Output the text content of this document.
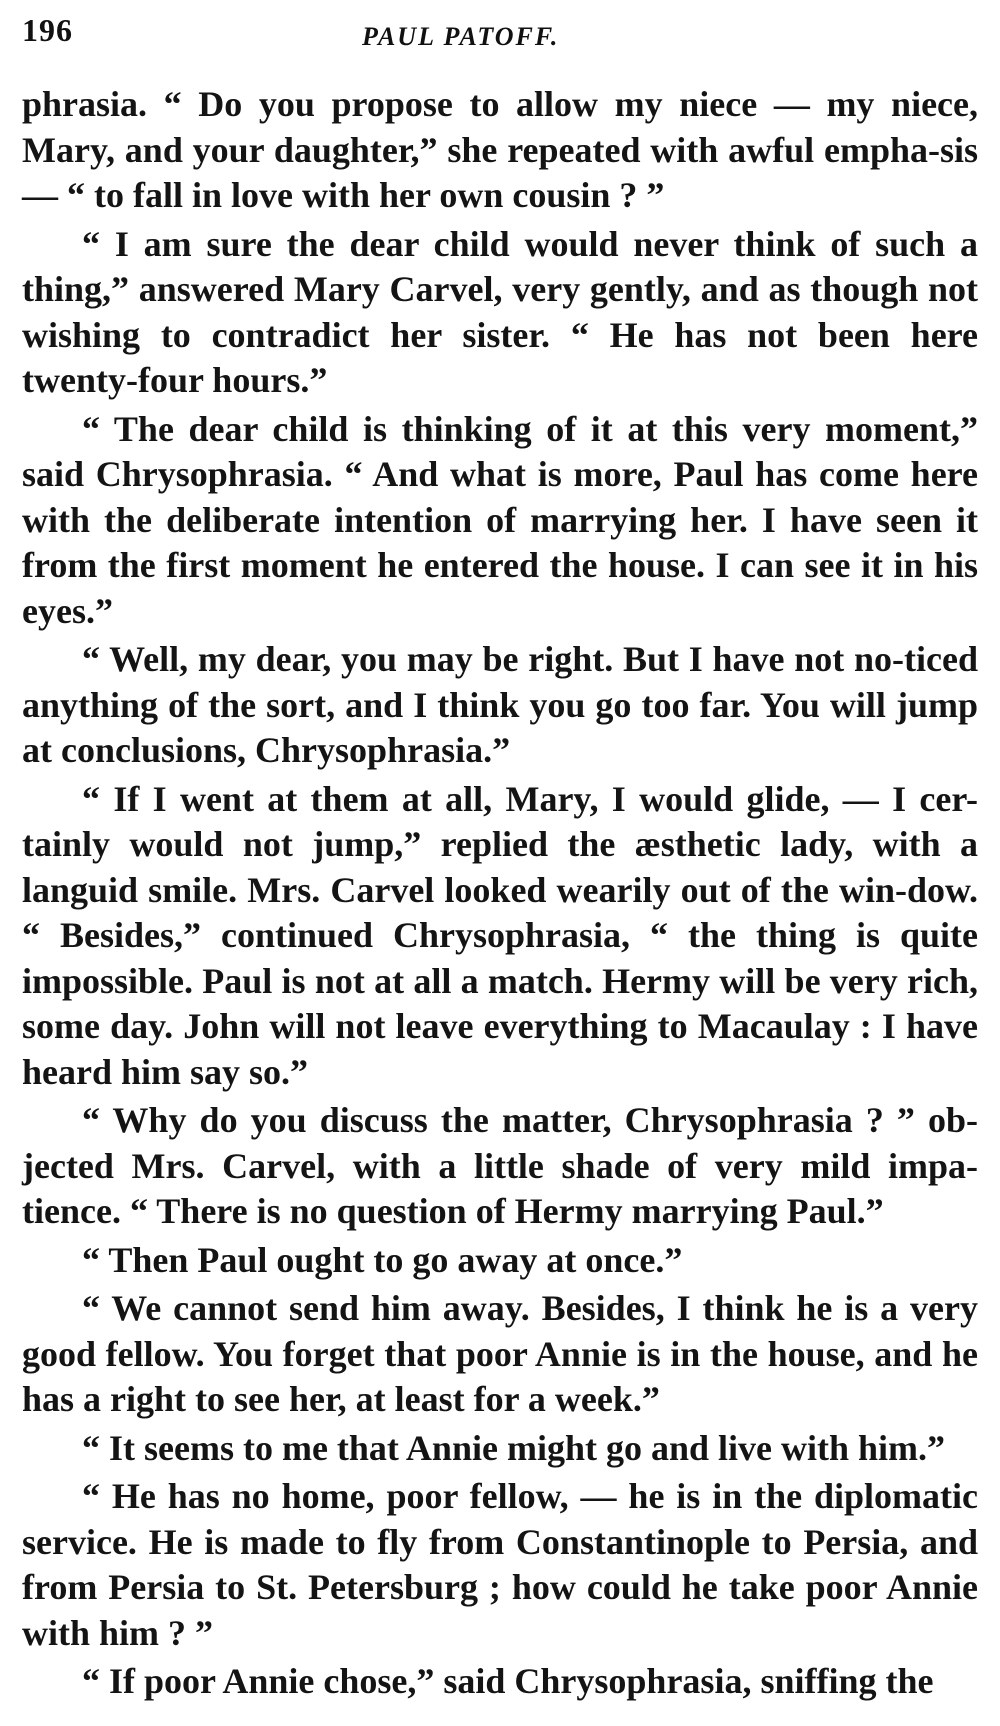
196	PAUL PATOFF.

phrasia. “ Do you propose to allow my niece — my niece, Mary, and your daughter,” she repeated with awful empha-sis — “ to fall in love with her own cousin ? ”

“ I am sure the dear child would never think of such a thing,” answered Mary Carvel, very gently, and as though not wishing to contradict her sister. “ He has not been here twenty-four hours.”

“ The dear child is thinking of it at this very moment,” said Chrysophrasia. “ And what is more, Paul has come here with the deliberate intention of marrying her. I have seen it from the first moment he entered the house. I can see it in his eyes.”

“ Well, my dear, you may be right. But I have not no-ticed anything of the sort, and I think you go too far. You will jump at conclusions, Chrysophrasia.”

“ If I went at them at all, Mary, I would glide, — I cer-tainly would not jump,” replied the æsthetic lady, with a languid smile. Mrs. Carvel looked wearily out of the win-dow. “ Besides,” continued Chrysophrasia, “ the thing is quite impossible. Paul is not at all a match. Hermy will be very rich, some day. John will not leave everything to Macaulay : I have heard him say so.”

“ Why do you discuss the matter, Chrysophrasia ? ” ob-jected Mrs. Carvel, with a little shade of very mild impa-tience. “ There is no question of Hermy marrying Paul.”

“ Then Paul ought to go away at once.”

“ We cannot send him away. Besides, I think he is a very good fellow. You forget that poor Annie is in the house, and he has a right to see her, at least for a week.”

“ It seems to me that Annie might go and live with him.”

“ He has no home, poor fellow, — he is in the diplomatic service. He is made to fly from Constantinople to Persia, and from Persia to St. Petersburg ; how could he take poor Annie with him ? ”

“ If poor Annie chose,” said Chrysophrasia, sniffing the
